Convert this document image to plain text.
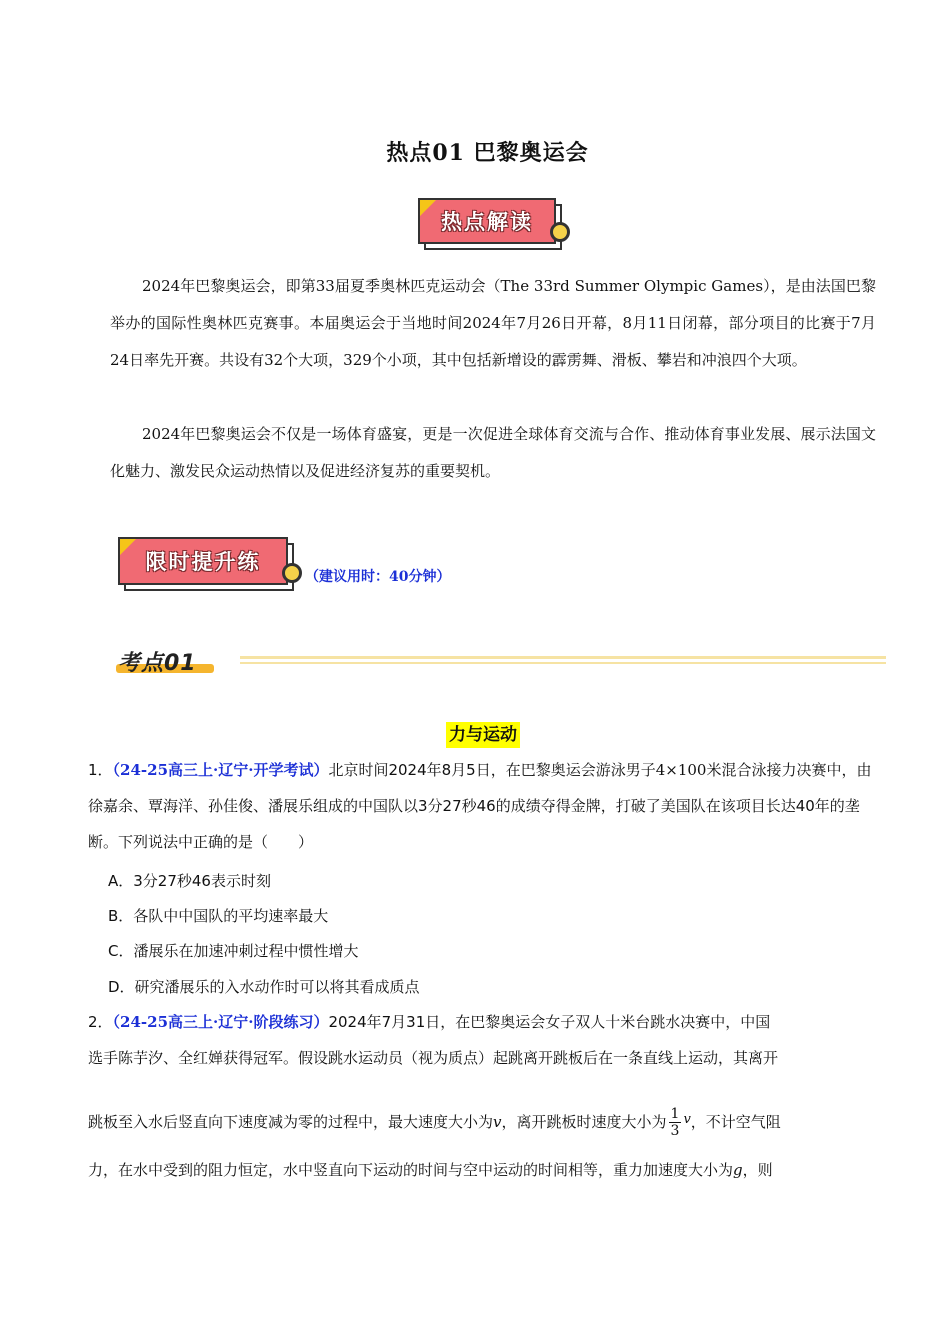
热点01 巴黎奥运会
热点解读
2024年巴黎奥运会，即第33届夏季奥林匹克运动会（The 33rd Summer Olympic Games），是由法国巴黎举办的国际性奥林匹克赛事。本届奥运会于当地时间2024年7月26日开幕，8月11日闭幕，部分项目的比赛于7月24日率先开赛。共设有32个大项，329个小项，其中包括新增设的霹雳舞、滑板、攀岩和冲浪四个大项。
2024年巴黎奥运会不仅是一场体育盛宴，更是一次促进全球体育交流与合作、推动体育事业发展、展示法国文化魅力、激发民众运动热情以及促进经济复苏的重要契机。
限时提升练
（建议用时：40分钟）
考点01
力与运动
1．（24-25高三上·辽宁·开学考试）北京时间2024年8月5日，在巴黎奥运会游泳男子4×100米混合泳接力决赛中，由徐嘉余、覃海洋、孙佳俊、潘展乐组成的中国队以3分27秒46的成绩夺得金牌，打破了美国队在该项目长达40年的垄断。下列说法中正确的是（　　）
A．3分27秒46表示时刻
B．各队中中国队的平均速率最大
C．潘展乐在加速冲刺过程中惯性增大
D．研究潘展乐的入水动作时可以将其看成质点
2．（24-25高三上·辽宁·阶段练习）2024年7月31日，在巴黎奥运会女子双人十米台跳水决赛中，中国
选手陈芋汐、全红婵获得冠军。假设跳水运动员（视为质点）起跳离开跳板后在一条直线上运动，其离开
跳板至入水后竖直向下速度减为零的过程中，最大速度大小为v，离开跳板时速度大小为 $\frac{1}{3}$ v，不计空气阻
力，在水中受到的阻力恒定，水中竖直向下运动的时间与空中运动的时间相等，重力加速度大小为g，则
